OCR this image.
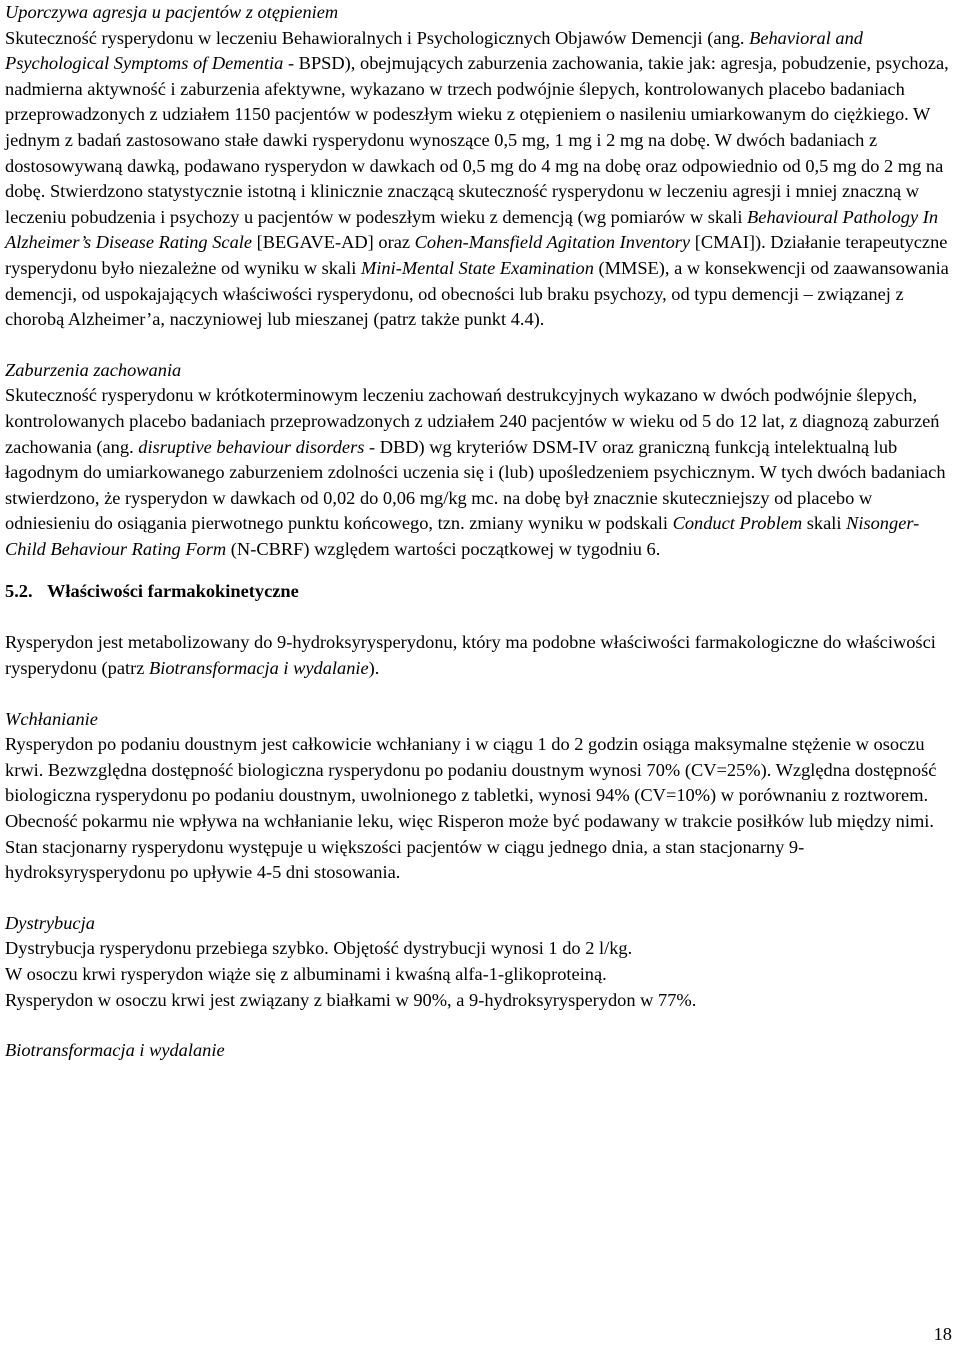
Uporczywa agresja u pacjentów z otępieniem

Skuteczność rysperydonu w leczeniu Behawioralnych i Psychologicznych Objawów Demencji (ang. Behavioral and Psychological Symptoms of Dementia - BPSD), obejmujących zaburzenia zachowania, takie jak: agresja, pobudzenie, psychoza, nadmierna aktywność i zaburzenia afektywne, wykazano w trzech podwójnie ślepych, kontrolowanych placebo badaniach przeprowadzonych z udziałem 1150 pacjentów w podeszłym wieku z otępieniem o nasileniu umiarkowanym do ciężkiego. W jednym z badań zastosowano stałe dawki rysperydonu wynoszące 0,5 mg, 1 mg i 2 mg na dobę. W dwóch badaniach z dostosowywaną dawką, podawano rysperydon w dawkach od 0,5 mg do 4 mg na dobę oraz odpowiednio od 0,5 mg do 2 mg na dobę. Stwierdzono statystycznie istotną i klinicznie znaczącą skuteczność rysperydonu w leczeniu agresji i mniej znaczną w leczeniu pobudzenia i psychozy u pacjentów w podeszłym wieku z demencją (wg pomiarów w skali Behavioural Pathology In Alzheimer’s Disease Rating Scale [BEGAVE-AD] oraz Cohen-Mansfield Agitation Inventory [CMAI]). Działanie terapeutyczne rysperydonu było niezależne od wyniku w skali Mini-Mental State Examination (MMSE), a w konsekwencji od zaawansowania demencji, od uspokajających właściwości rysperydonu, od obecności lub braku psychozy, od typu demencji – związanej z chorobą Alzheimer’a, naczyniowej lub mieszanej (patrz także punkt 4.4).

Zaburzenia zachowania

Skuteczność rysperydonu w krótkoterminowym leczeniu zachowań destrukcyjnych wykazano w dwóch podwójnie ślepych, kontrolowanych placebo badaniach przeprowadzonych z udziałem 240 pacjentów w wieku od 5 do 12 lat, z diagnozą zaburzeń zachowania (ang. disruptive behaviour disorders - DBD) wg kryteriów DSM-IV oraz graniczną funkcją intelektualną lub łagodnym do umiarkowanego zaburzeniem zdolności uczenia się i (lub) upośledzeniem psychicznym. W tych dwóch badaniach stwierdzono, że rysperydon w dawkach od 0,02 do 0,06 mg/kg mc. na dobę był znacznie skuteczniejszy od placebo w odniesieniu do osiągania pierwotnego punktu końcowego, tzn. zmiany wyniku w podskali Conduct Problem skali Nisonger-Child Behaviour Rating Form (N-CBRF) względem wartości początkowej w tygodniu 6.

5.2. Właściwości farmakokinetyczne

Rysperydon jest metabolizowany do 9-hydroksyrysperydonu, który ma podobne właściwości farmakologiczne do właściwości rysperydonu (patrz Biotransformacja i wydalanie).

Wchłanianie

Rysperydon po podaniu doustnym jest całkowicie wchłaniany i w ciągu 1 do 2 godzin osiąga maksymalne stężenie w osoczu krwi. Bezwzględna dostępność biologiczna rysperydonu po podaniu doustnym wynosi 70% (CV=25%). Względna dostępność biologiczna rysperydonu po podaniu doustnym, uwolnionego z tabletki, wynosi 94% (CV=10%) w porównaniu z roztworem.

Obecność pokarmu nie wpływa na wchłanianie leku, więc Risperon może być podawany w trakcie posiłków lub między nimi. Stan stacjonarny rysperydonu występuje u większości pacjentów w ciągu jednego dnia, a stan stacjonarny 9-hydroksyrysperydonu po upływie 4-5 dni stosowania.

Dystrybucja

Dystrybucja rysperydonu przebiega szybko. Objętość dystrybucji wynosi 1 do 2 l/kg.

W osoczu krwi rysperydon wiąże się z albuminami i kwaśną alfa-1-glikoproteiną.

Rysperydon w osoczu krwi jest związany z białkami w 90%, a 9-hydroksyrysperydon w 77%.

Biotransformacja i wydalanie

18
